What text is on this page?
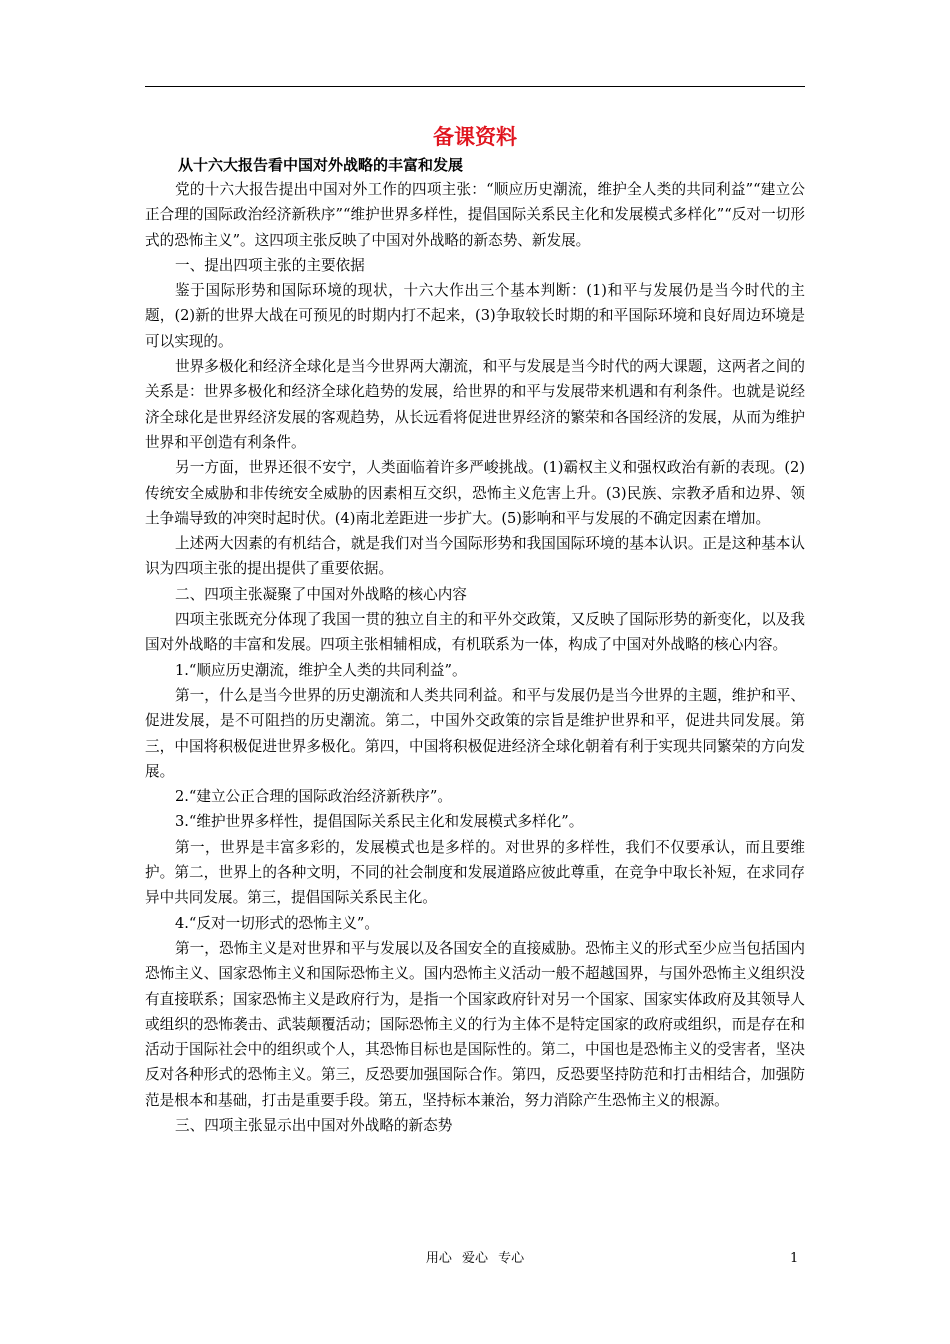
备课资料
从十六大报告看中国对外战略的丰富和发展

党的十六大报告提出中国对外工作的四项主张：“顺应历史潮流，维护全人类的共同利益”“建立公正合理的国际政治经济新秩序”“维护世界多样性，提倡国际关系民主化和发展模式多样化”“反对一切形式的恐怖主义”。这四项主张反映了中国对外战略的新态势、新发展。

一、提出四项主张的主要依据

鉴于国际形势和国际环境的现状，十六大作出三个基本判断：(1)和平与发展仍是当今时代的主题，(2)新的世界大战在可预见的时期内打不起来，(3)争取较长时期的和平国际环境和良好周边环境是可以实现的。

世界多极化和经济全球化是当今世界两大潮流，和平与发展是当今时代的两大课题，这两者之间的关系是：世界多极化和经济全球化趋势的发展，给世界的和平与发展带来机遇和有利条件。也就是说经济全球化是世界经济发展的客观趋势，从长远看将促进世界经济的繁荣和各国经济的发展，从而为维护世界和平创造有利条件。

另一方面，世界还很不安宁，人类面临着许多严峻挑战。(1)霸权主义和强权政治有新的表现。(2)传统安全威胁和非传统安全威胁的因素相互交织，恐怖主义危害上升。(3)民族、宗教矛盾和边界、领土争端导致的冲突时起时伏。(4)南北差距进一步扩大。(5)影响和平与发展的不确定因素在增加。

上述两大因素的有机结合，就是我们对当今国际形势和我国国际环境的基本认识。正是这种基本认识为四项主张的提出提供了重要依据。

二、四项主张凝聚了中国对外战略的核心内容

四项主张既充分体现了我国一贯的独立自主的和平外交政策，又反映了国际形势的新变化，以及我国对外战略的丰富和发展。四项主张相辅相成，有机联系为一体，构成了中国对外战略的核心内容。

1.“顺应历史潮流，维护全人类的共同利益”。

第一，什么是当今世界的历史潮流和人类共同利益。和平与发展仍是当今世界的主题，维护和平、促进发展，是不可阻挡的历史潮流。第二，中国外交政策的宗旨是维护世界和平，促进共同发展。第三，中国将积极促进世界多极化。第四，中国将积极促进经济全球化朝着有利于实现共同繁荣的方向发展。

2.“建立公正合理的国际政治经济新秩序”。

3.“维护世界多样性，提倡国际关系民主化和发展模式多样化”。

第一，世界是丰富多彩的，发展模式也是多样的。对世界的多样性，我们不仅要承认，而且要维护。第二，世界上的各种文明，不同的社会制度和发展道路应彼此尊重，在竞争中取长补短，在求同存异中共同发展。第三，提倡国际关系民主化。

4.“反对一切形式的恐怖主义”。

第一，恐怖主义是对世界和平与发展以及各国安全的直接威胁。恐怖主义的形式至少应当包括国内恐怖主义、国家恐怖主义和国际恐怖主义。国内恐怖主义活动一般不超越国界，与国外恐怖主义组织没有直接联系；国家恐怖主义是政府行为，是指一个国家政府针对另一个国家、国家实体政府及其领导人或组织的恐怖袭击、武装颠覆活动；国际恐怖主义的行为主体不是特定国家的政府或组织，而是存在和活动于国际社会中的组织或个人，其恐怖目标也是国际性的。第二，中国也是恐怖主义的受害者，坚决反对各种形式的恐怖主义。第三，反恐要加强国际合作。第四，反恐要坚持防范和打击相结合，加强防范是根本和基础，打击是重要手段。第五，坚持标本兼治，努力消除产生恐怖主义的根源。

三、四项主张显示出中国对外战略的新态势

用心 爱心 专心	1
